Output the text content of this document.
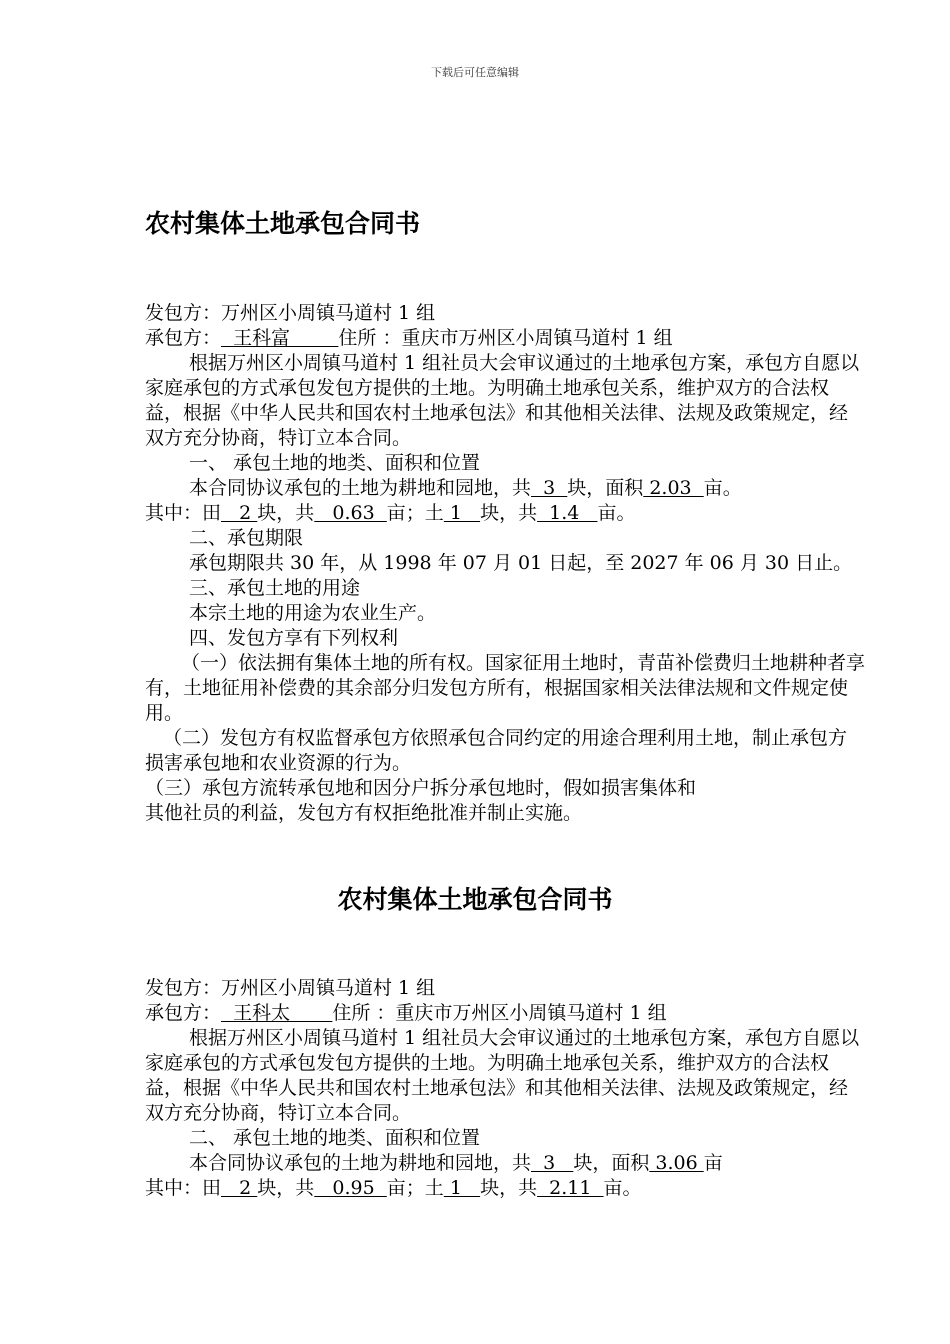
下载后可任意编辑
农村集体土地承包合同书

发包方：万州区小周镇马道村 1 组

承包方：  王科富        住所 ：重庆市万州区小周镇马道村 1 组

根据万州区小周镇马道村 1 组社员大会审议通过的土地承包方案，承包方自愿以家庭承包的方式承包发包方提供的土地。为明确土地承包关系，维护双方的合法权益，根据《中华人民共和国农村土地承包法》和其他相关法律、法规及政策规定，经双方充分协商，特订立本合同。

一、 承包土地的地类、面积和位置

本合同协议承包的土地为耕地和园地，共  3  块，面积 2.03  亩。

其中：田   2 块，共   0.63  亩；土 1   块，共  1.4   亩。

二、承包期限

承包期限共 30 年，从 1998 年 07 月 01 日起，至 2027 年 06 月 30 日止。

三、承包土地的用途

本宗土地的用途为农业生产。

四、发包方享有下列权利

（一）依法拥有集体土地的所有权。国家征用土地时，青苗补偿费归土地耕种者享有，土地征用补偿费的其余部分归发包方所有，根据国家相关法律法规和文件规定使用。

（二）发包方有权监督承包方依照承包合同约定的用途合理利用土地，制止承包方损害承包地和农业资源的行为。

（三）承包方流转承包地和因分户拆分承包地时，假如损害集体和

其他社员的利益，发包方有权拒绝批准并制止实施。

农村集体土地承包合同书

发包方：万州区小周镇马道村 1 组

承包方：  王科太       住所 ：重庆市万州区小周镇马道村 1 组

根据万州区小周镇马道村 1 组社员大会审议通过的土地承包方案，承包方自愿以家庭承包的方式承包发包方提供的土地。为明确土地承包关系，维护双方的合法权益，根据《中华人民共和国农村土地承包法》和其他相关法律、法规及政策规定，经双方充分协商，特订立本合同。

二、 承包土地的地类、面积和位置

本合同协议承包的土地为耕地和园地，共  3   块，面积 3.06 亩

其中：田   2 块，共   0.95  亩；土 1   块，共  2.11  亩。
